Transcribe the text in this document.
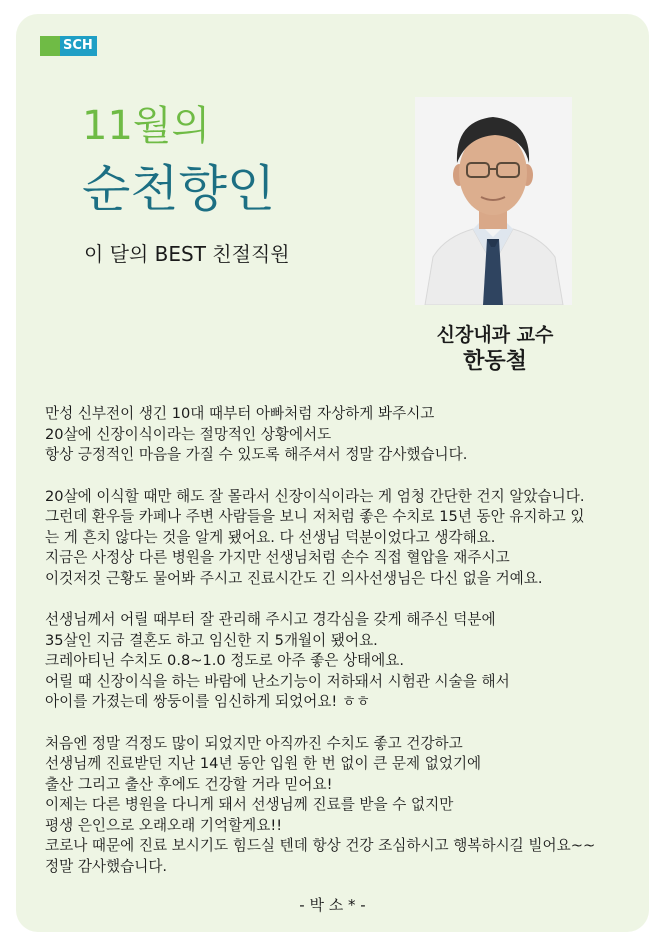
SCH
11월의
순천향인
이 달의 BEST 친절직원
신장내과 교수
한동철
만성 신부전이 생긴 10대 때부터 아빠처럼 자상하게 봐주시고
20살에 신장이식이라는 절망적인 상황에서도
항상 긍정적인 마음을 가질 수 있도록 해주셔서 정말 감사했습니다.
20살에 이식할 때만 해도 잘 몰라서 신장이식이라는 게 엄청 간단한 건지 알았습니다.
그런데 환우들 카페나 주변 사람들을 보니 저처럼 좋은 수치로 15년 동안 유지하고 있
는 게 흔치 않다는 것을 알게 됐어요. 다 선생님 덕분이었다고 생각해요.
지금은 사정상 다른 병원을 가지만 선생님처럼 손수 직접 혈압을 재주시고
이것저것 근황도 물어봐 주시고 진료시간도 긴 의사선생님은 다신 없을 거예요.
선생님께서 어릴 때부터 잘 관리해 주시고 경각심을 갖게 해주신 덕분에
35살인 지금 결혼도 하고 임신한 지 5개월이 됐어요.
크레아티닌 수치도 0.8~1.0 정도로 아주 좋은 상태에요.
어릴 때 신장이식을 하는 바람에 난소기능이 저하돼서 시험관 시술을 해서
아이를 가졌는데 쌍둥이를 임신하게 되었어요! ㅎㅎ
처음엔 정말 걱정도 많이 되었지만 아직까진 수치도 좋고 건강하고
선생님께 진료받던 지난 14년 동안 입원 한 번 없이 큰 문제 없었기에
출산 그리고 출산 후에도 건강할 거라 믿어요!
이제는 다른 병원을 다니게 돼서 선생님께 진료를 받을 수 없지만
평생 은인으로 오래오래 기억할게요!!
코로나 때문에 진료 보시기도 힘드실 텐데 항상 건강 조심하시고 행복하시길 빌어요~~
정말 감사했습니다.
- 박 소 * -
